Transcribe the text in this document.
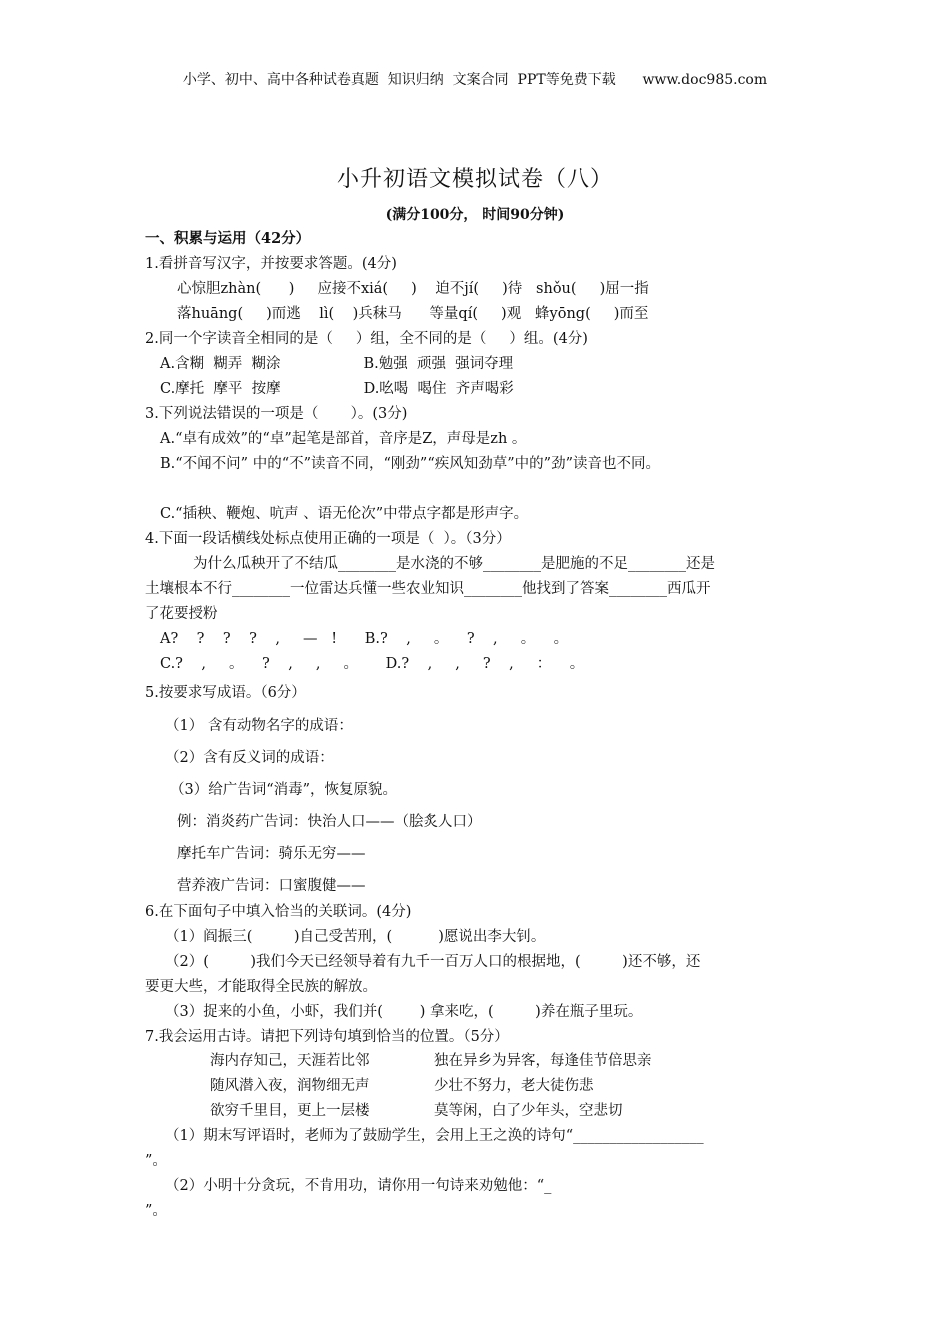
小学、初中、高中各种试卷真题  知识归纳  文案合同  PPT等免费下载      www.doc985.com
小升初语文模拟试卷（八）
(满分100分， 时间90分钟)
一、积累与运用（42分）
1.看拼音写汉字，并按要求答题。(4分)
心惊胆zhàn(      )     应接不xiá(     )    迫不jí(     )待   shǒu(     )屈一指
落huāng(     )而逃    lì(    )兵秣马      等量qí(     )观   蜂yōng(     )而至
2.同一个字读音全相同的是（     ）组，全不同的是（     ）组。(4分)
A.含糊  糊弄  糊涂                  B.勉强  顽强  强词夺理
C.摩托  摩平  按摩                  D.吆喝  喝住  齐声喝彩
3.下列说法错误的一项是（       ）。(3分)
A.“卓有成效”的“卓”起笔是部首，音序是Z，声母是zh 。
B.“不闻不问” 中的“不”读音不同，“刚劲”“疾风知劲草”中的”劲”读音也不同。
C.“插秧、鞭炮、吭声 、语无伦次”中带点字都是形声字。
4.下面一段话横线处标点使用正确的一项是（  ）。（3分）
为什么瓜秧开了不结瓜________是水浇的不够________是肥施的不足________还是
土壤根本不行________一位雷达兵懂一些农业知识________他找到了答案________西瓜开
了花要授粉
A?    ?    ?    ?    ,     —   !      B.?    ,     。    ?    ,     。    。
C.?    ,     。    ?    ,     ,     。      D.?    ,     ,     ?    ,     ：    。
5.按要求写成语。（6分）
（1） 含有动物名字的成语：
（2）含有反义词的成语：
（3）给广告词“消毒”，恢复原貌。
例：消炎药广告词：快治人口——（脍炙人口）
摩托车广告词：骑乐无穷——
营养液广告词：口蜜腹健——
6.在下面句子中填入恰当的关联词。(4分)
（1）阎振三(         )自己受苦刑，(          )愿说出李大钊。
（2）(         )我们今天已经领导着有九千一百万人口的根据地，(         )还不够，还
要更大些，才能取得全民族的解放。
（3）捉来的小鱼，小虾，我们并(        ) 拿来吃，(         )养在瓶子里玩。
7.我会运用古诗。请把下列诗句填到恰当的位置。（5分）
海内存知己，天涯若比邻              独在异乡为异客，每逢佳节倍思亲
随风潜入夜，润物细无声              少壮不努力，老大徒伤悲
欲穷千里目，更上一层楼              莫等闲，白了少年头，空悲切
（1）期末写评语时，老师为了鼓励学生，会用上王之涣的诗句“__________________
”。
（2）小明十分贪玩，不肯用功，请你用一句诗来劝勉他：“_
”。
